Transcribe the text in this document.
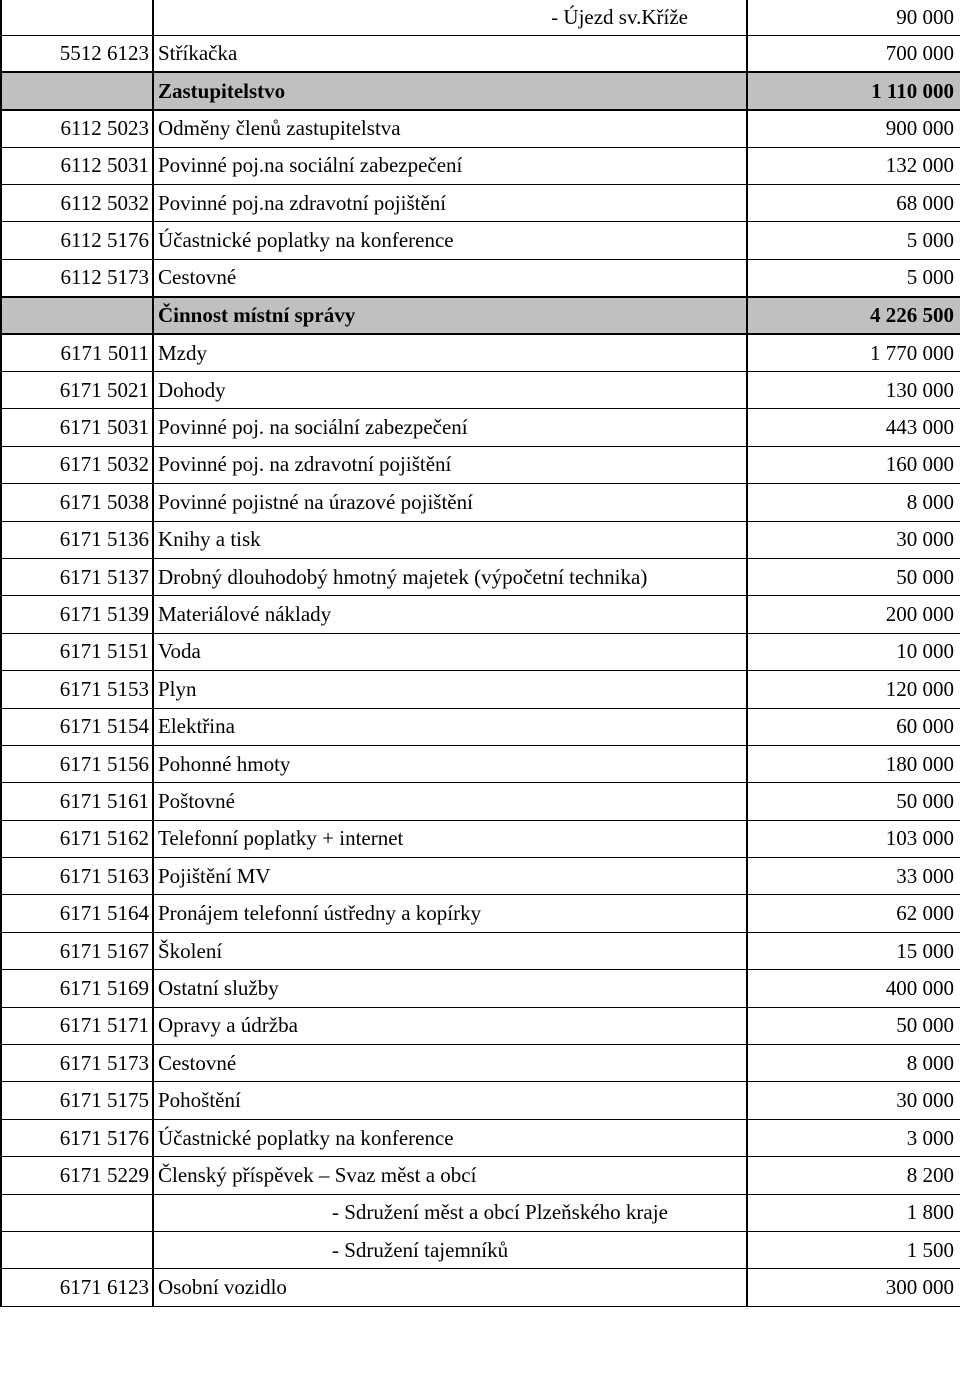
	- Újezd sv.Kříže	90 000
5512 6123	Stříkačka	700 000
	Zastupitelstvo	1 110 000
6112 5023	Odměny členů zastupitelstva	900 000
6112 5031	Povinné poj.na sociální zabezpečení	132 000
6112 5032	Povinné poj.na zdravotní pojištění	68 000
6112 5176	Účastnické poplatky na konference	5 000
6112 5173	Cestovné	5 000
	Činnost místní správy	4 226 500
6171 5011	Mzdy	1 770 000
6171 5021	Dohody	130 000
6171 5031	Povinné poj. na sociální zabezpečení	443 000
6171 5032	Povinné poj. na zdravotní pojištění	160 000
6171 5038	Povinné pojistné na úrazové pojištění	8 000
6171 5136	Knihy a tisk	30 000
6171 5137	Drobný dlouhodobý hmotný majetek (výpočetní technika)	50 000
6171 5139	Materiálové náklady	200 000
6171 5151	Voda	10 000
6171 5153	Plyn	120 000
6171 5154	Elektřina	60 000
6171 5156	Pohonné hmoty	180 000
6171 5161	Poštovné	50 000
6171 5162	Telefonní poplatky + internet	103 000
6171 5163	Pojištění MV	33 000
6171 5164	Pronájem telefonní ústředny a kopírky	62 000
6171 5167	Školení	15 000
6171 5169	Ostatní služby	400 000
6171 5171	Opravy a údržba	50 000
6171 5173	Cestovné	8 000
6171 5175	Pohoštění	30 000
6171 5176	Účastnické poplatky na konference	3 000
6171 5229	Členský příspěvek – Svaz měst a obcí	8 200
	- Sdružení měst a obcí Plzeňského kraje	1 800
	- Sdružení tajemníků	1 500
6171 6123	Osobní vozidlo	300 000
